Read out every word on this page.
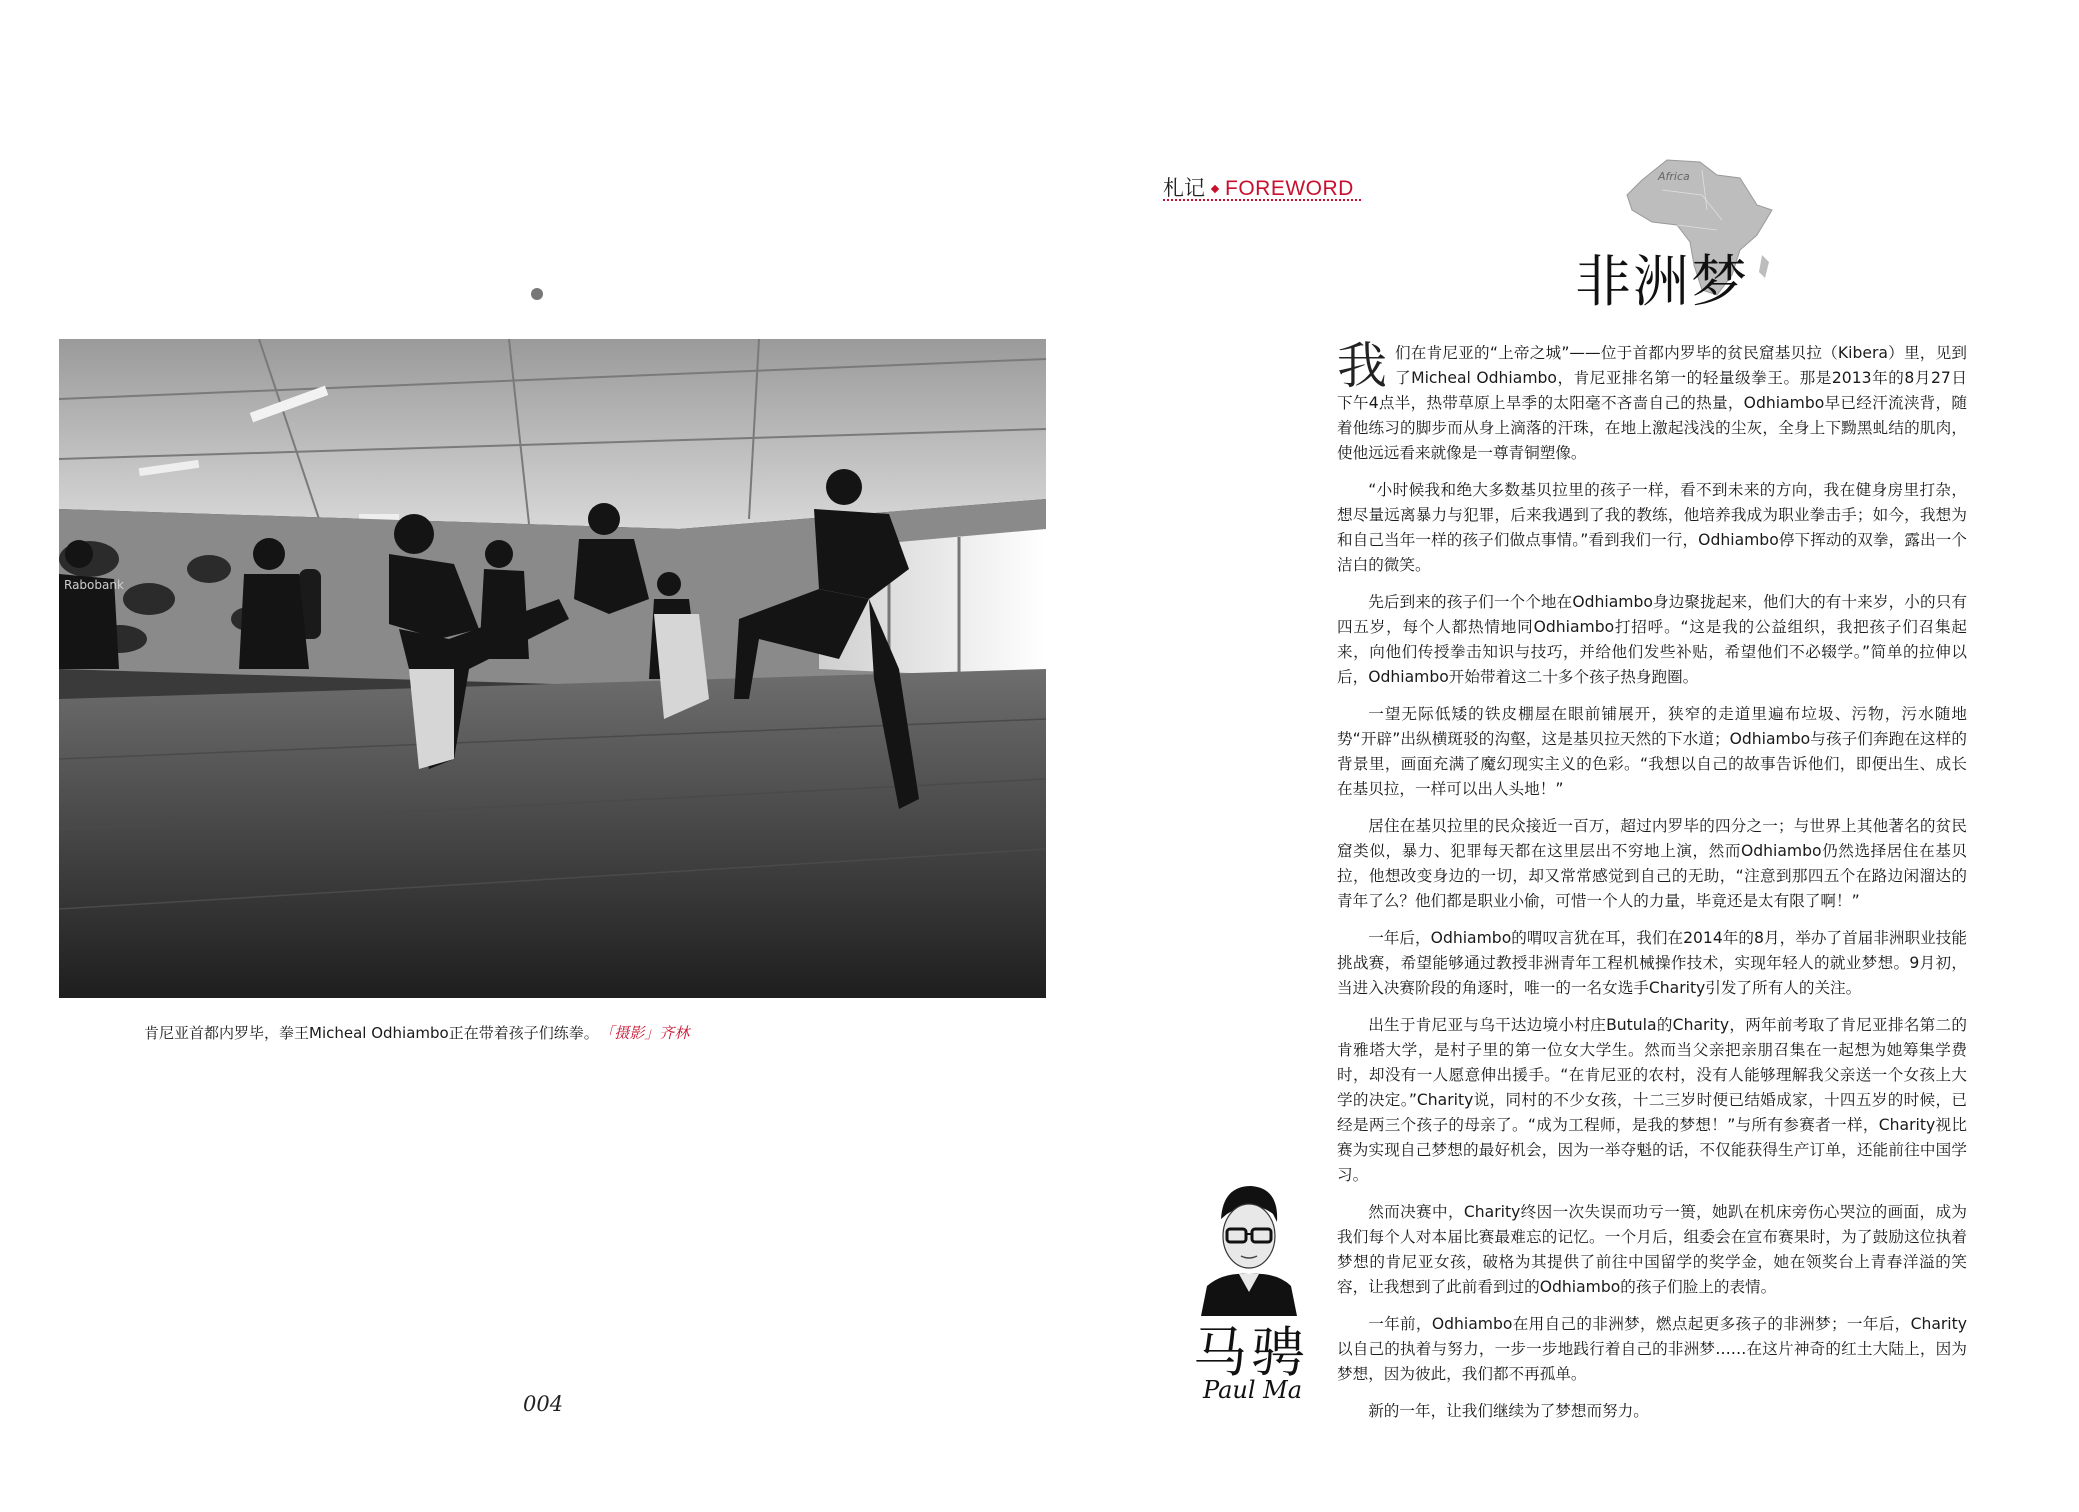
Rabobank
肯尼亚首都内罗毕，拳王Micheal Odhiambo正在带着孩子们练拳。 「摄影」齐林
004
札记 FOREWORD
Africa
非洲梦

我们在肯尼亚的“上帝之城”——位于首都内罗毕的贫民窟基贝拉（Kibera）里，见到了Micheal Odhiambo，肯尼亚排名第一的轻量级拳王。那是2013年的8月27日下午4点半，热带草原上旱季的太阳毫不吝啬自己的热量，Odhiambo早已经汗流浃背，随着他练习的脚步而从身上滴落的汗珠，在地上激起浅浅的尘灰，全身上下黝黑虬结的肌肉，使他远远看来就像是一尊青铜塑像。

“小时候我和绝大多数基贝拉里的孩子一样，看不到未来的方向，我在健身房里打杂，想尽量远离暴力与犯罪，后来我遇到了我的教练，他培养我成为职业拳击手；如今，我想为和自己当年一样的孩子们做点事情。”看到我们一行，Odhiambo停下挥动的双拳，露出一个洁白的微笑。

先后到来的孩子们一个个地在Odhiambo身边聚拢起来，他们大的有十来岁，小的只有四五岁，每个人都热情地同Odhiambo打招呼。“这是我的公益组织，我把孩子们召集起来，向他们传授拳击知识与技巧，并给他们发些补贴，希望他们不必辍学。”简单的拉伸以后，Odhiambo开始带着这二十多个孩子热身跑圈。

一望无际低矮的铁皮棚屋在眼前铺展开，狭窄的走道里遍布垃圾、污物，污水随地势“开辟”出纵横斑驳的沟壑，这是基贝拉天然的下水道；Odhiambo与孩子们奔跑在这样的背景里，画面充满了魔幻现实主义的色彩。“我想以自己的故事告诉他们，即便出生、成长在基贝拉，一样可以出人头地！”

居住在基贝拉里的民众接近一百万，超过内罗毕的四分之一；与世界上其他著名的贫民窟类似，暴力、犯罪每天都在这里层出不穷地上演，然而Odhiambo仍然选择居住在基贝拉，他想改变身边的一切，却又常常感觉到自己的无助，“注意到那四五个在路边闲溜达的青年了么？他们都是职业小偷，可惜一个人的力量，毕竟还是太有限了啊！”

一年后，Odhiambo的喟叹言犹在耳，我们在2014年的8月，举办了首届非洲职业技能挑战赛，希望能够通过教授非洲青年工程机械操作技术，实现年轻人的就业梦想。9月初，当进入决赛阶段的角逐时，唯一的一名女选手Charity引发了所有人的关注。

出生于肯尼亚与乌干达边境小村庄Butula的Charity，两年前考取了肯尼亚排名第二的肯雅塔大学，是村子里的第一位女大学生。然而当父亲把亲朋召集在一起想为她筹集学费时，却没有一人愿意伸出援手。“在肯尼亚的农村，没有人能够理解我父亲送一个女孩上大学的决定。”Charity说，同村的不少女孩，十二三岁时便已结婚成家，十四五岁的时候，已经是两三个孩子的母亲了。“成为工程师，是我的梦想！”与所有参赛者一样，Charity视比赛为实现自己梦想的最好机会，因为一举夺魁的话，不仅能获得生产订单，还能前往中国学习。

然而决赛中，Charity终因一次失误而功亏一篑，她趴在机床旁伤心哭泣的画面，成为我们每个人对本届比赛最难忘的记忆。一个月后，组委会在宣布赛果时，为了鼓励这位执着梦想的肯尼亚女孩，破格为其提供了前往中国留学的奖学金，她在领奖台上青春洋溢的笑容，让我想到了此前看到过的Odhiambo的孩子们脸上的表情。

一年前，Odhiambo在用自己的非洲梦，燃点起更多孩子的非洲梦；一年后，Charity以自己的执着与努力，一步一步地践行着自己的非洲梦……在这片神奇的红土大陆上，因为梦想，因为彼此，我们都不再孤单。

新的一年，让我们继续为了梦想而努力。

马骋
Paul Ma
